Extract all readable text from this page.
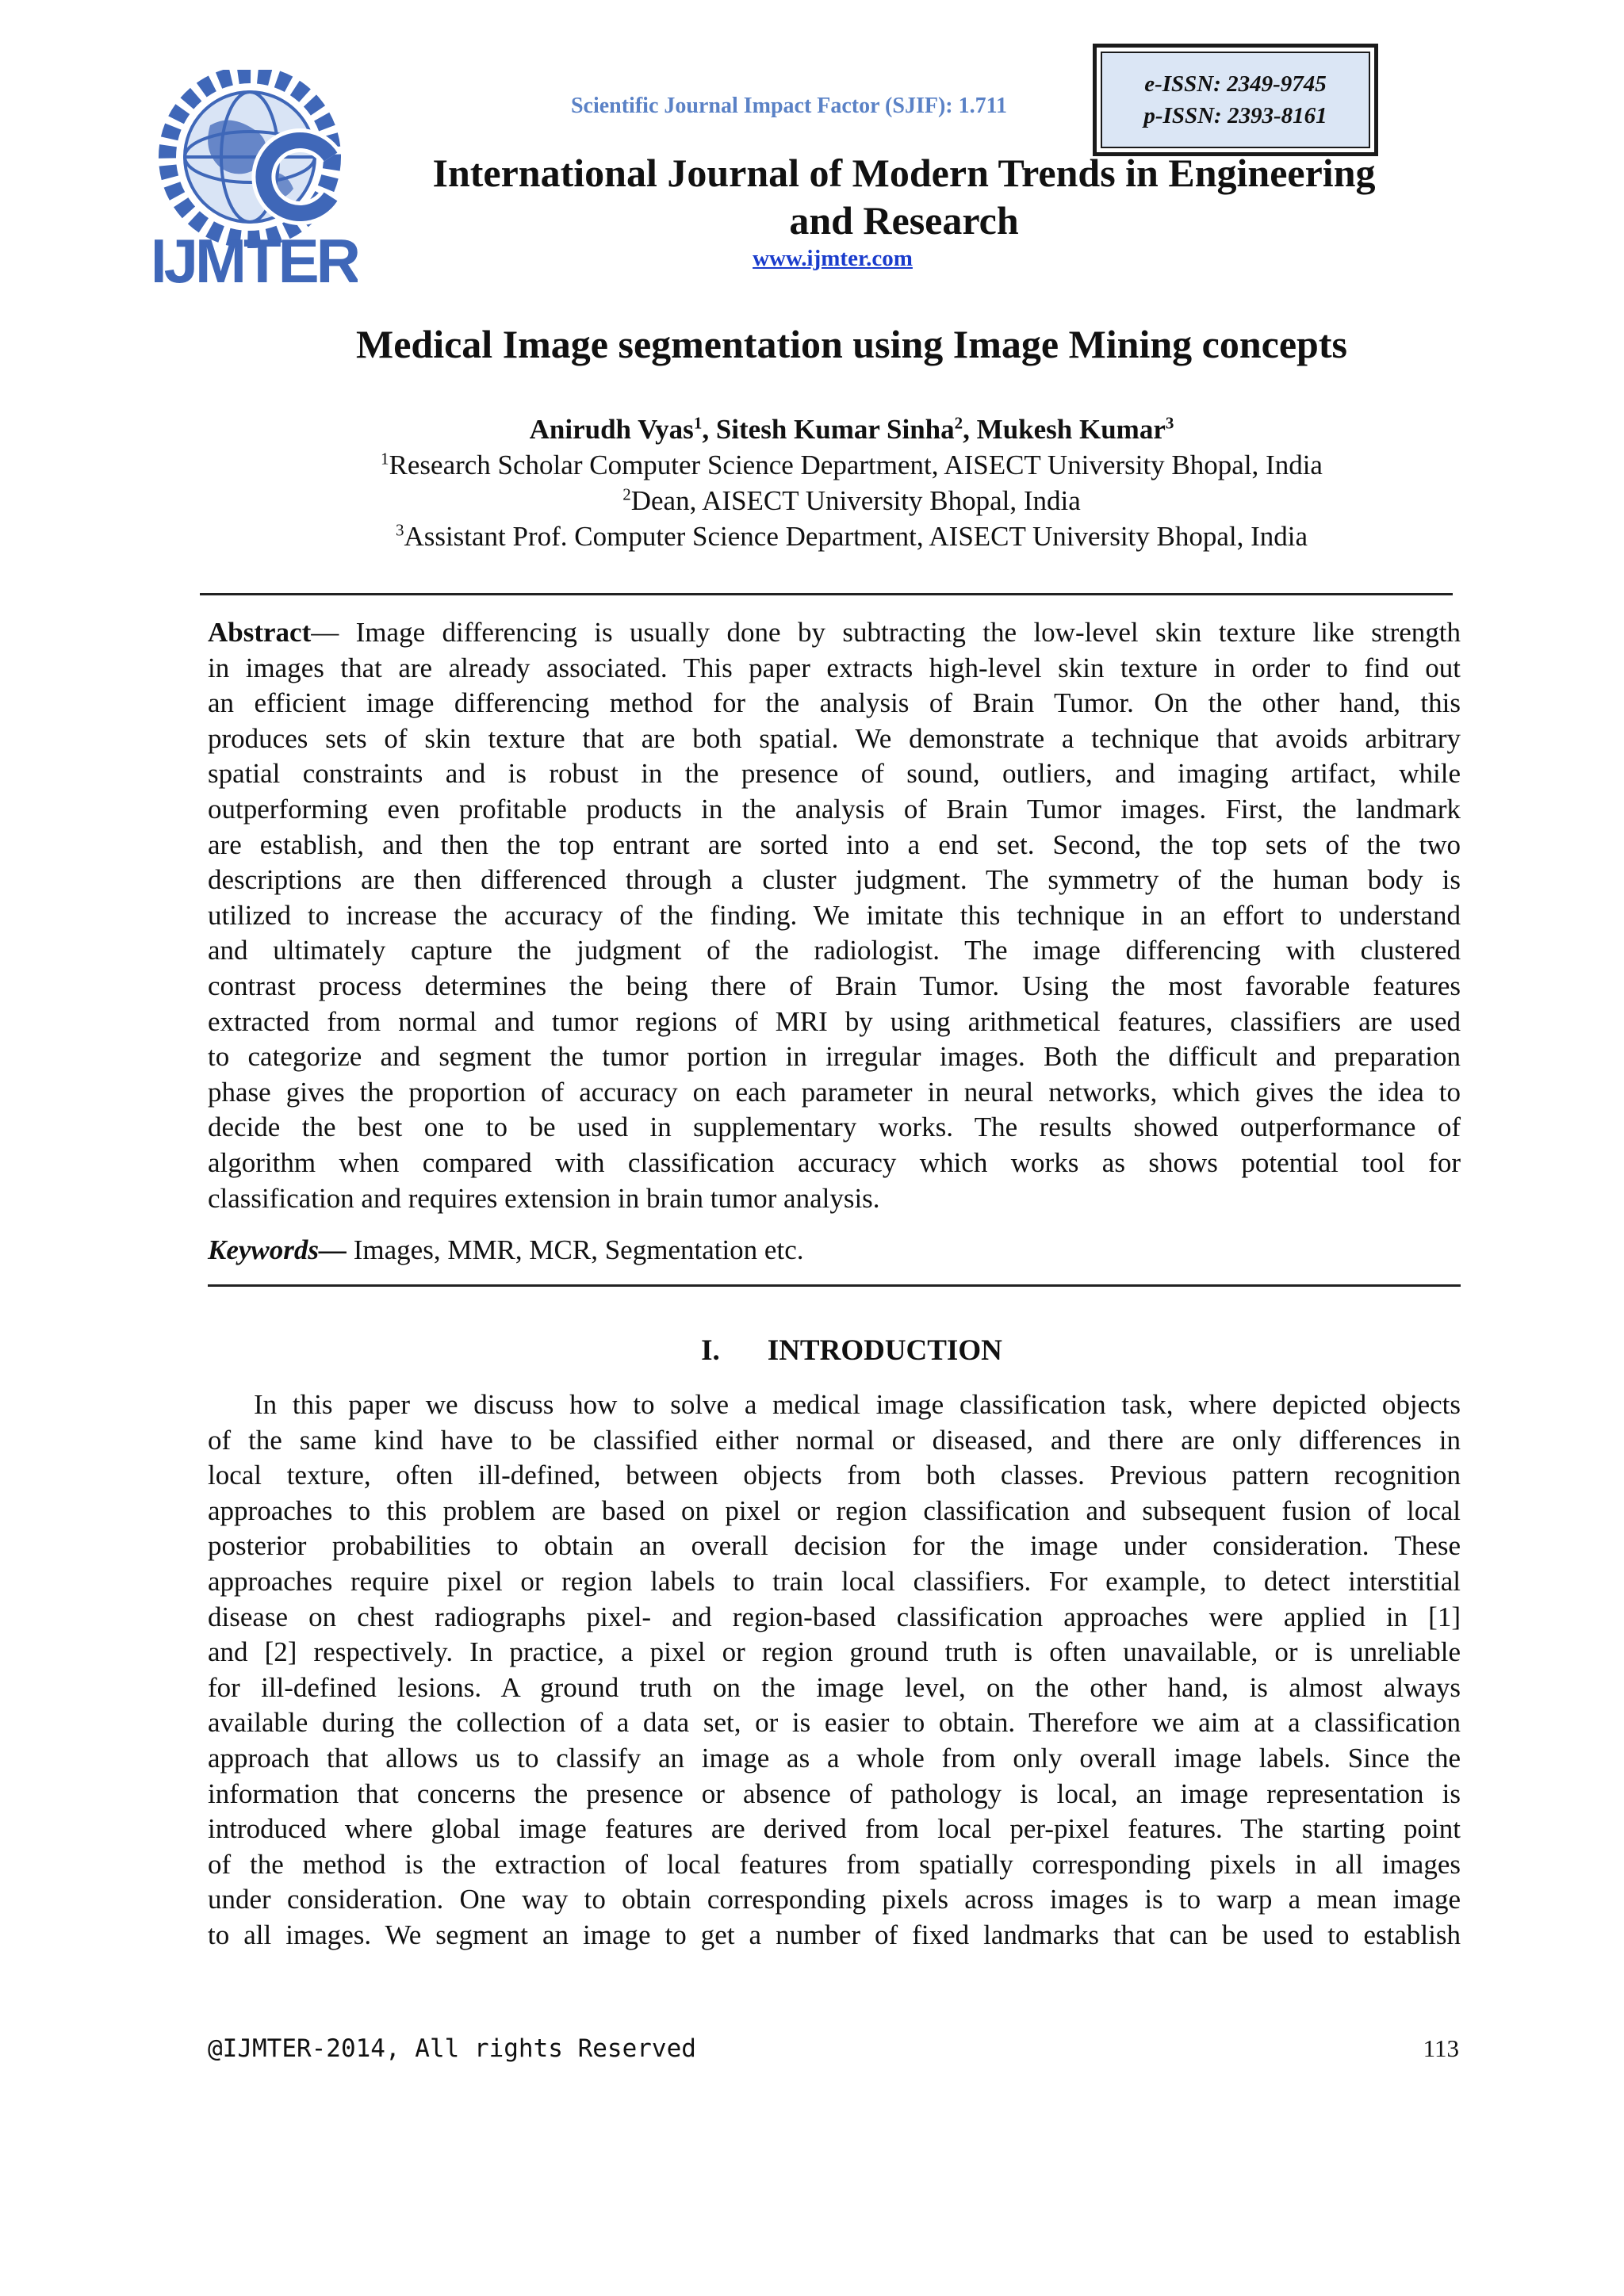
IJMTER
Scientific Journal Impact Factor (SJIF): 1.711
e-ISSN: 2349-9745
p-ISSN: 2393-8161
International Journal of Modern Trends in Engineering
and Research
www.ijmter.com
Medical Image segmentation using Image Mining concepts
Anirudh Vyas$^1$, Sitesh Kumar Sinha$^2$, Mukesh Kumar$^3$
$^1$Research Scholar Computer Science Department, AISECT University Bhopal, India
$^2$Dean, AISECT University Bhopal, India
$^3$Assistant Prof. Computer Science Department, AISECT University Bhopal, India
Abstract— Image differencing is usually done by subtracting the low-level skin texture like strength
in images that are already associated. This paper extracts high-level skin texture in order to find out
an efficient image differencing method for the analysis of Brain Tumor. On the other hand, this
produces sets of skin texture that are both spatial. We demonstrate a technique that avoids arbitrary
spatial constraints and is robust in the presence of sound, outliers, and imaging artifact, while
outperforming even profitable products in the analysis of Brain Tumor images. First, the landmark
are establish, and then the top entrant are sorted into a end set. Second, the top sets of the two
descriptions are then differenced through a cluster judgment. The symmetry of the human body is
utilized to increase the accuracy of the finding. We imitate this technique in an effort to understand
and ultimately capture the judgment of the radiologist. The image differencing with clustered
contrast process determines the being there of Brain Tumor. Using the most favorable features
extracted from normal and tumor regions of MRI by using arithmetical features, classifiers are used
to categorize and segment the tumor portion in irregular images. Both the difficult and preparation
phase gives the proportion of accuracy on each parameter in neural networks, which gives the idea to
decide the best one to be used in supplementary works. The results showed outperformance of
algorithm when compared with classification accuracy which works as shows potential tool for
classification and requires extension in brain tumor analysis.
Keywords— Images, MMR, MCR, Segmentation etc.
I. INTRODUCTION
In this paper we discuss how to solve a medical image classification task, where depicted objects
of the same kind have to be classified either normal or diseased, and there are only differences in
local texture, often ill-defined, between objects from both classes. Previous pattern recognition
approaches to this problem are based on pixel or region classification and subsequent fusion of local
posterior probabilities to obtain an overall decision for the image under consideration. These
approaches require pixel or region labels to train local classifiers. For example, to detect interstitial
disease on chest radiographs pixel- and region-based classification approaches were applied in [1]
and [2] respectively. In practice, a pixel or region ground truth is often unavailable, or is unreliable
for ill-defined lesions. A ground truth on the image level, on the other hand, is almost always
available during the collection of a data set, or is easier to obtain. Therefore we aim at a classification
approach that allows us to classify an image as a whole from only overall image labels. Since the
information that concerns the presence or absence of pathology is local, an image representation is
introduced where global image features are derived from local per-pixel features. The starting point
of the method is the extraction of local features from spatially corresponding pixels in all images
under consideration. One way to obtain corresponding pixels across images is to warp a mean image
to all images. We segment an image to get a number of fixed landmarks that can be used to establish
@IJMTER-2014, All rights Reserved	113
